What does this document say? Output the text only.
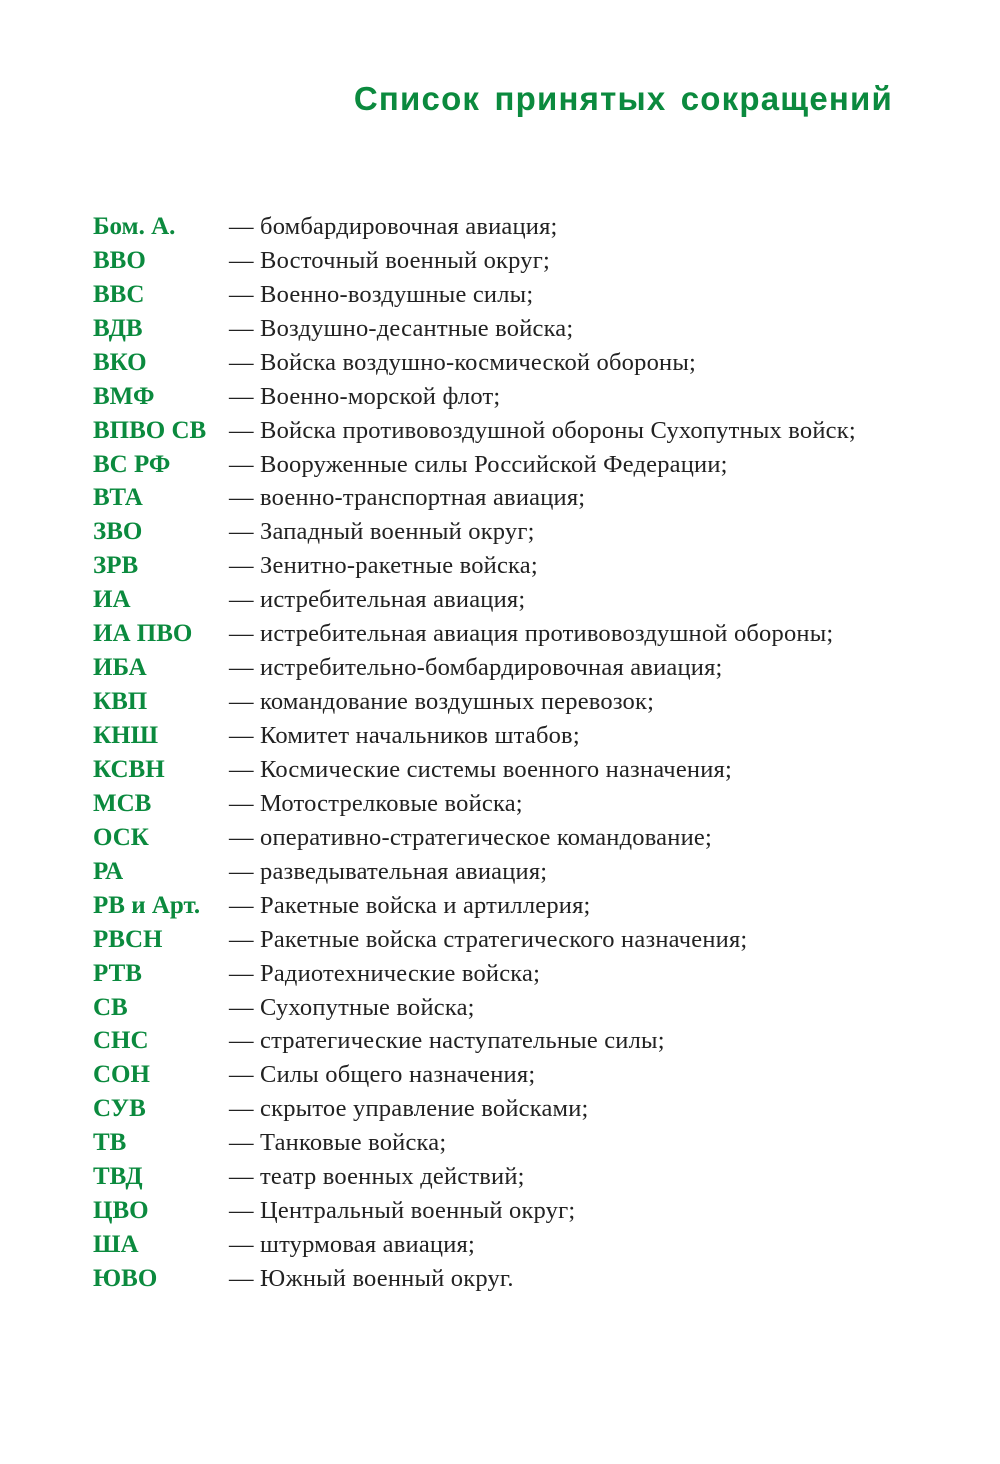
Список принятых сокращений
Бом. А.	— бомбардировочная авиация;
ВВО	— Восточный военный округ;
ВВС	— Военно-воздушные силы;
ВДВ	— Воздушно-десантные войска;
ВКО	— Войска воздушно-космической обороны;
ВМФ	— Военно-морской флот;
ВПВО СВ — Войска противовоздушной обороны Сухопутных войск;
ВС РФ	— Вооруженные силы Российской Федерации;
ВТА	— военно-транспортная авиация;
ЗВО	— Западный военный округ;
ЗРВ	— Зенитно-ракетные войска;
ИА	— истребительная авиация;
ИА ПВО	— истребительная авиация противовоздушной обороны;
ИБА	— истребительно-бомбардировочная авиация;
КВП	— командование воздушных перевозок;
КНШ	— Комитет начальников штабов;
КСВН	— Космические системы военного назначения;
МСВ	— Мотострелковые войска;
ОСК	— оперативно-стратегическое командование;
РА	— разведывательная авиация;
РВ и Арт.	— Ракетные войска и артиллерия;
РВСН	— Ракетные войска стратегического назначения;
РТВ	— Радиотехнические войска;
СВ	— Сухопутные войска;
СНС	— стратегические наступательные силы;
СОН	— Силы общего назначения;
СУВ	— скрытое управление войсками;
ТВ	— Танковые войска;
ТВД	— театр военных действий;
ЦВО	— Центральный военный округ;
ША	— штурмовая авиация;
ЮВО	— Южный военный округ.
